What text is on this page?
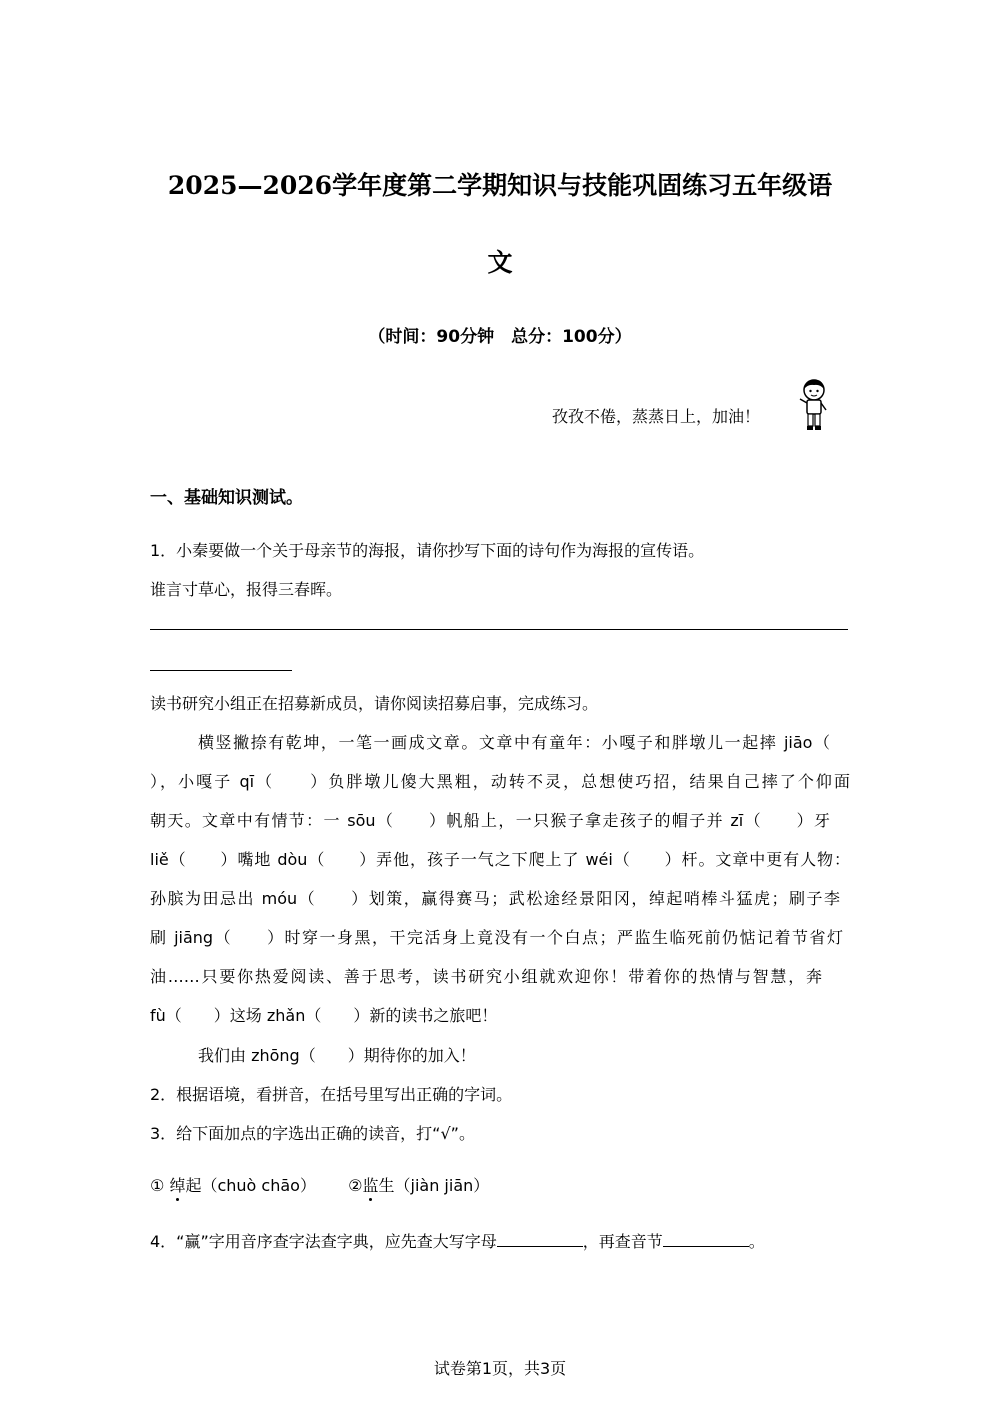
2025—2026学年度第二学期知识与技能巩固练习五年级语
文
（时间：90分钟　总分：100分）
孜孜不倦，蒸蒸日上，加油！
一、基础知识测试。
1．小秦要做一个关于母亲节的海报，请你抄写下面的诗句作为海报的宣传语。
谁言寸草心，报得三春晖。
读书研究小组正在招募新成员，请你阅读招募启事，完成练习。
横竖撇捺有乾坤，一笔一画成文章。文章中有童年：小嘎子和胖墩儿一起摔 jiāo（
），小嘎子 qī（　　）负胖墩儿傻大黑粗，动转不灵，总想使巧招，结果自己摔了个仰面
朝天。文章中有情节：一 sōu（　　）帆船上，一只猴子拿走孩子的帽子并 zī（　　）牙
liě（　　）嘴地 dòu（　　）弄他，孩子一气之下爬上了 wéi（　　）杆。文章中更有人物：
孙膑为田忌出 móu（　　）划策，赢得赛马；武松途经景阳冈，绰起哨棒斗猛虎；刷子李
刷 jiāng（　　）时穿一身黑，干完活身上竟没有一个白点；严监生临死前仍惦记着节省灯
油……只要你热爱阅读、善于思考，读书研究小组就欢迎你！带着你的热情与智慧，奔
fù（　　）这场 zhǎn（　　）新的读书之旅吧！
我们由 zhōng（　　）期待你的加入！
2．根据语境，看拼音，在括号里写出正确的字词。
3．给下面加点的字选出正确的读音，打“√”。
① 绰起（chuò chāo） ②监生（jiàn jiān）
4．“赢”字用音序查字法查字典，应先查大写字母	，再查音节	。
试卷第1页，共3页
